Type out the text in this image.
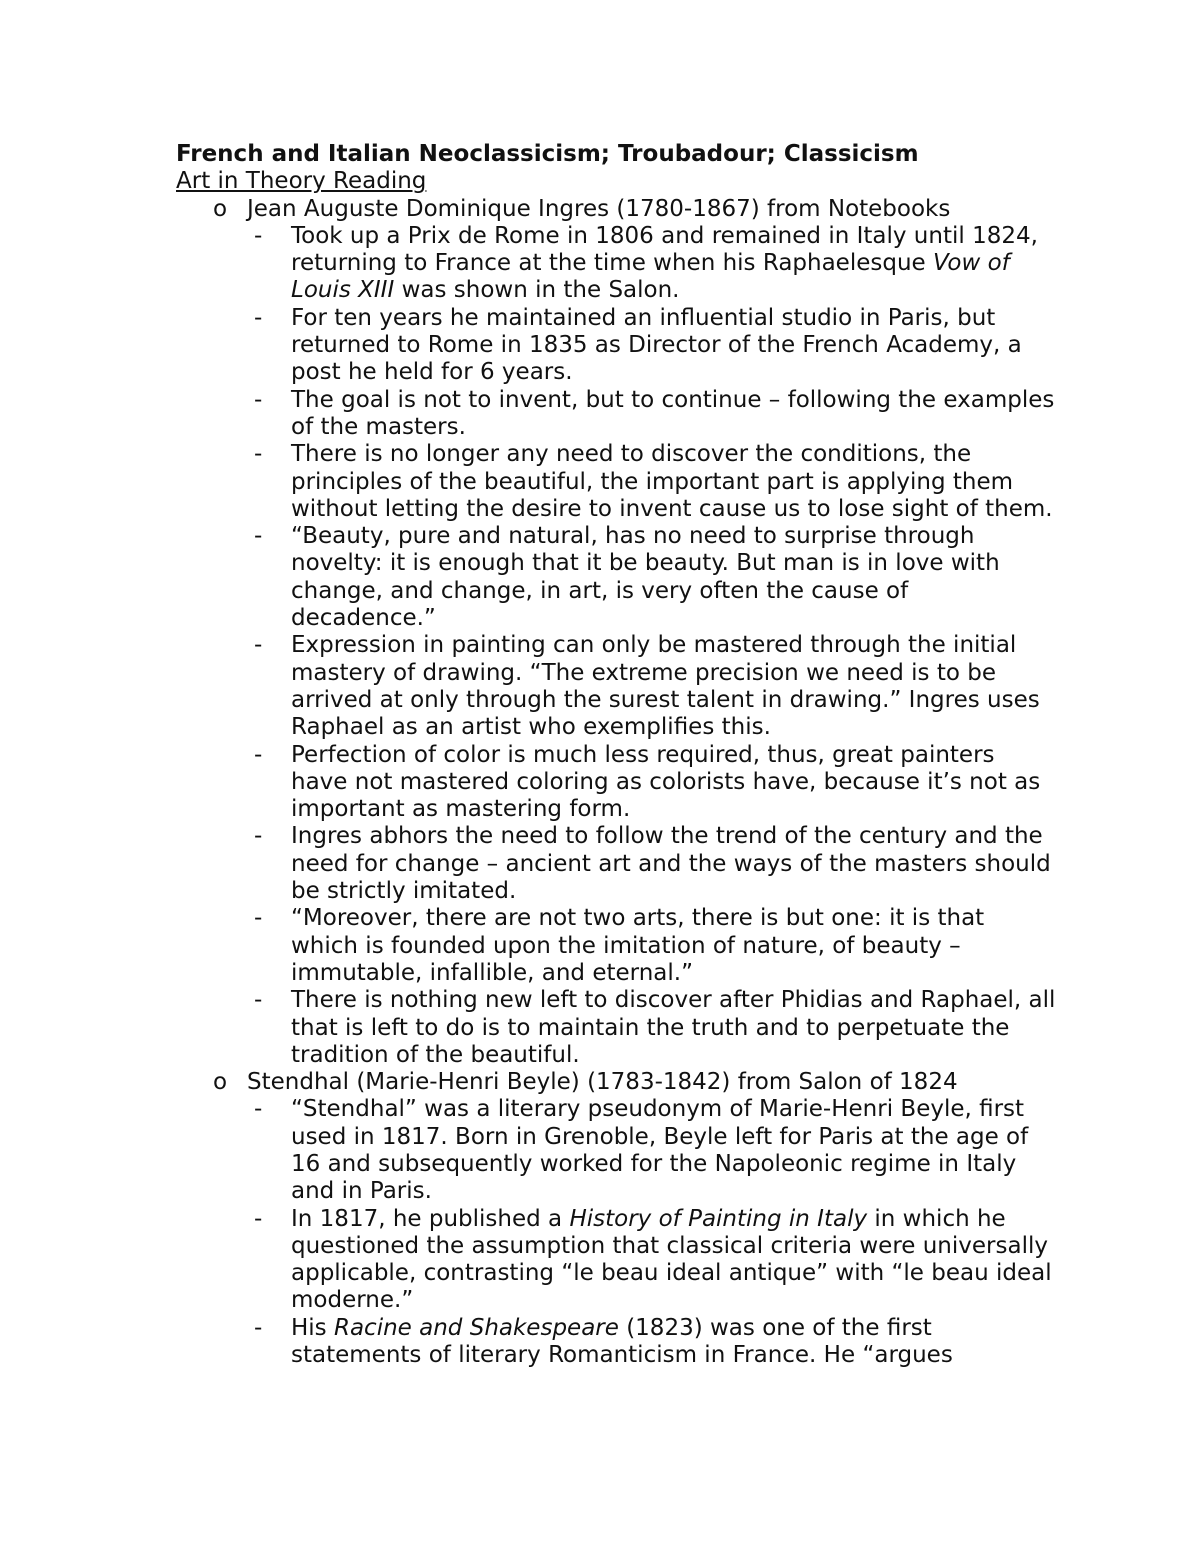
French and Italian Neoclassicism; Troubadour; Classicism
Art in Theory Reading
o Jean Auguste Dominique Ingres (1780-1867) from Notebooks
- Took up a Prix de Rome in 1806 and remained in Italy until 1824, returning to France at the time when his Raphaelesque Vow of Louis XIII was shown in the Salon.
- For ten years he maintained an influential studio in Paris, but returned to Rome in 1835 as Director of the French Academy, a post he held for 6 years.
- The goal is not to invent, but to continue – following the examples of the masters.
- There is no longer any need to discover the conditions, the principles of the beautiful, the important part is applying them without letting the desire to invent cause us to lose sight of them.
- “Beauty, pure and natural, has no need to surprise through novelty: it is enough that it be beauty. But man is in love with change, and change, in art, is very often the cause of decadence.”
- Expression in painting can only be mastered through the initial mastery of drawing. “The extreme precision we need is to be arrived at only through the surest talent in drawing.” Ingres uses Raphael as an artist who exemplifies this.
- Perfection of color is much less required, thus, great painters have not mastered coloring as colorists have, because it’s not as important as mastering form.
- Ingres abhors the need to follow the trend of the century and the need for change – ancient art and the ways of the masters should be strictly imitated.
- “Moreover, there are not two arts, there is but one: it is that which is founded upon the imitation of nature, of beauty – immutable, infallible, and eternal.”
- There is nothing new left to discover after Phidias and Raphael, all that is left to do is to maintain the truth and to perpetuate the tradition of the beautiful.
o Stendhal (Marie-Henri Beyle) (1783-1842) from Salon of 1824
- “Stendhal” was a literary pseudonym of Marie-Henri Beyle, first used in 1817. Born in Grenoble, Beyle left for Paris at the age of 16 and subsequently worked for the Napoleonic regime in Italy and in Paris.
- In 1817, he published a History of Painting in Italy in which he questioned the assumption that classical criteria were universally applicable, contrasting “le beau ideal antique” with “le beau ideal moderne.”
- His Racine and Shakespeare (1823) was one of the first statements of literary Romanticism in France. He “argues
